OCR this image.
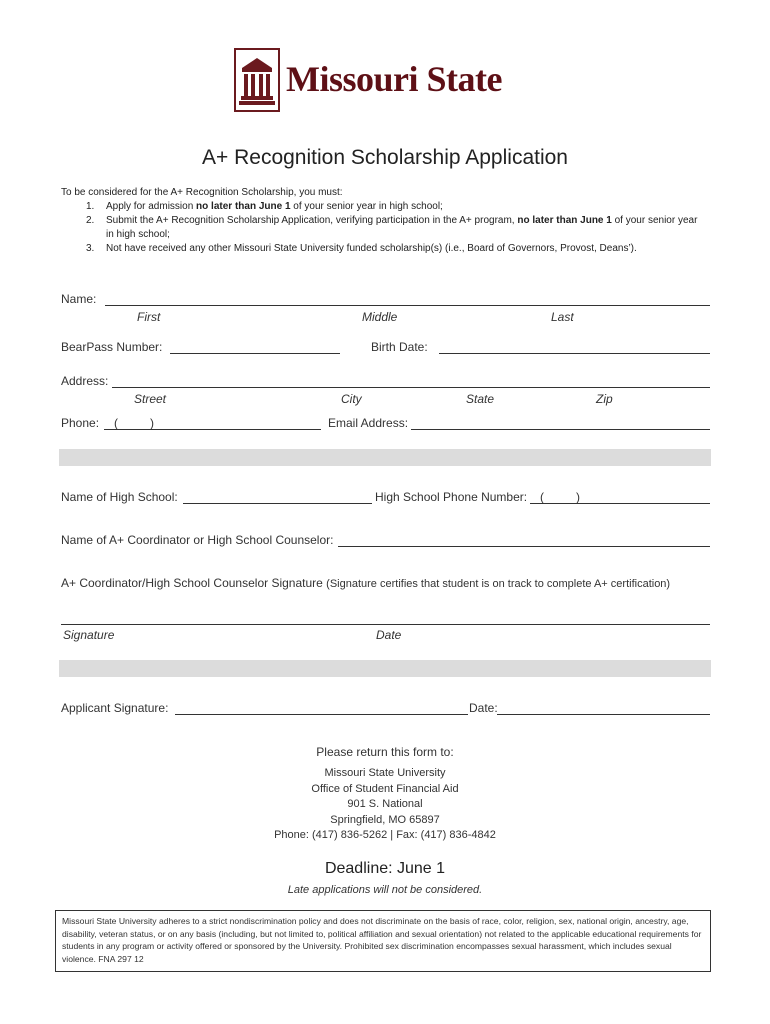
Missouri State
A+ Recognition Scholarship Application
To be considered for the A+ Recognition Scholarship, you must:
1. Apply for admission no later than June 1 of your senior year in high school;
2. Submit the A+ Recognition Scholarship Application, verifying participation in the A+ program, no later than June 1 of your senior year in high school;
3. Not have received any other Missouri State University funded scholarship(s) (i.e., Board of Governors, Provost, Deans’).
Name:
First	Middle	Last
BearPass Number:	Birth Date:
Address:
Street	City	State	Zip
Phone: (	)	Email Address:
Name of High School:	High School Phone Number: (	)
Name of A+ Coordinator or High School Counselor:
A+ Coordinator/High School Counselor Signature (Signature certifies that student is on track to complete A+ certification)
Signature	Date
Applicant Signature:	Date:
Please return this form to:
Missouri State University
Office of Student Financial Aid
901 S. National
Springfield, MO 65897
Phone: (417) 836-5262 | Fax: (417) 836-4842
Deadline: June 1
Late applications will not be considered.
Missouri State University adheres to a strict nondiscrimination policy and does not discriminate on the basis of race, color, religion, sex, national origin, ancestry, age, disability, veteran status, or on any basis (including, but not limited to, political affiliation and sexual orientation) not related to the applicable educational requirements for students in any program or activity offered or sponsored by the University. Prohibited sex discrimination encompasses sexual harassment, which includes sexual violence. FNA 297 12
